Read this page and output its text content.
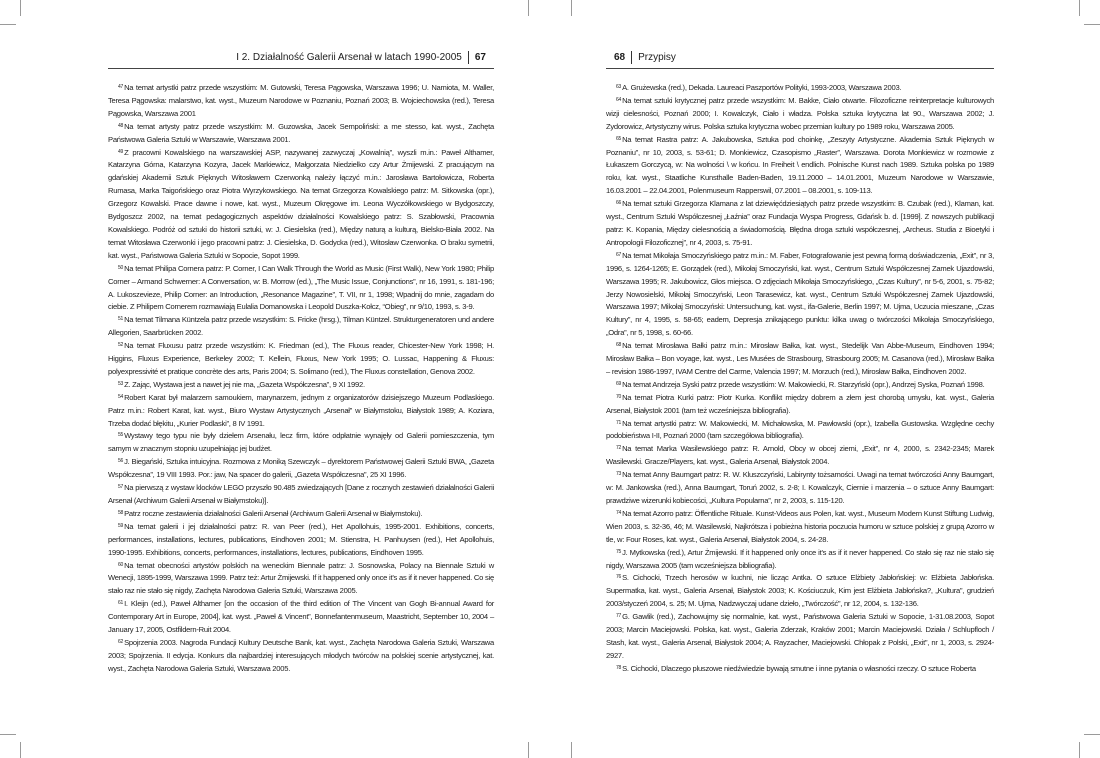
I 2. Działalność Galerii Arsenał w latach 1990-2005 67

$^{47}$Na temat artystki patrz przede wszystkim: M. Gutowski, Teresa Pągowska, Warszawa 1996; U. Namiota, M. Waller, Teresa Pągowska: malarstwo, kat. wyst., Muzeum Narodowe w Poznaniu, Poznań 2003; B. Wojciechowska (red.), Teresa Pągowska, Warszawa 2001

$^{48}$Na temat artysty patrz przede wszystkim: M. Guzowska, Jacek Sempoliński: a me stesso, kat. wyst., Zachęta Państwowa Galeria Sztuki w Warszawie, Warszawa 2001.

$^{49}$Z pracowni Kowalskiego na warszawskiej ASP, nazywanej zazwyczaj „Kowalnią”, wyszli m.in.: Paweł Althamer, Katarzyna Górna, Katarzyna Kozyra, Jacek Markiewicz, Małgorzata Niedzielko czy Artur Żmijewski. Z pracującym na gdańskiej Akademii Sztuk Pięknych Witosławem Czerwonką należy łączyć m.in.: Jarosława Bartołowicza, Roberta Rumasa, Marka Taigońskiego oraz Piotra Wyrzykowskiego. Na temat Grzegorza Kowalskiego patrz: M. Sitkowska (opr.), Grzegorz Kowalski. Prace dawne i nowe, kat. wyst., Muzeum Okręgowe im. Leona Wyczółkowskiego w Bydgoszczy, Bydgoszcz 2002, na temat pedagogicznych aspektów działalności Kowalskiego patrz: S. Szabłowski, Pracownia Kowalskiego. Podróż od sztuki do historii sztuki, w: J. Ciesielska (red.), Między naturą a kulturą, Bielsko-Biała 2002. Na temat Witosława Czerwonki i jego pracowni patrz: J. Ciesielska, D. Godycka (red.), Witosław Czerwonka. O braku symetrii, kat. wyst., Państwowa Galeria Sztuki w Sopocie, Sopot 1999.

$^{50}$Na temat Philipa Cornera patrz: P. Corner, I Can Walk Through the World as Music (First Walk), New York 1980; Philip Corner – Armand Schwerner: A Conversation, w: B. Morrow (ed.), „The Music Issue, Conjunctions”, nr 16, 1991, s. 181-196; A. Lukoszevieze, Philip Corner: an Introduction, „Resonance Magazine”, T. VII, nr 1, 1998; Wpadnij do mnie, zagadam do ciebie. Z Philipem Cornerem rozmawiają Eulalia Domanowska i Leopold Duszka-Kołcz, “Obieg”, nr 9/10, 1993, s. 3-9.

$^{51}$Na temat Tilmana Küntzela patrz przede wszystkim: S. Fricke (hrsg.), Tilman Küntzel. Strukturgeneratoren und andere Allegorien, Saarbrücken 2002.

$^{52}$Na temat Fluxusu patrz przede wszystkim: K. Friedman (ed.), The Fluxus reader, Chicester-New York 1998; H. Higgins, Fluxus Experience, Berkeley 2002; T. Kellein, Fluxus, New York 1995; O. Lussac, Happening & Fluxus: polyexpressivité et pratique concrète des arts, Paris 2004; S. Solimano (red.), The Fluxus constellation, Genova 2002.

$^{53}$Z. Zając, Wystawa jest a nawet jej nie ma, „Gazeta Współczesna”, 9 XI 1992.

$^{54}$Robert Karat był malarzem samoukiem, marynarzem, jednym z organizatorów dzisiejszego Muzeum Podlaskiego. Patrz m.in.: Robert Karat, kat. wyst., Biuro Wystaw Artystycznych „Arsenał” w Białymstoku, Białystok 1989; A. Koziara, Trzeba dodać błękitu, „Kurier Podlaski”, 8 IV 1991.

$^{55}$Wystawy tego typu nie były dziełem Arsenału, lecz firm, które odpłatnie wynajęły od Galerii pomieszczenia, tym samym w znacznym stopniu uzupełniając jej budżet.

$^{56}$J. Biegański, Sztuka intuicyjna. Rozmowa z Moniką Szewczyk – dyrektorem Państwowej Galerii Sztuki BWA, „Gazeta Współczesna”, 19 VIII 1993. Por.: jaw, Na spacer do galerii, „Gazeta Współczesna”, 25 XI 1996.

$^{57}$Na pierwszą z wystaw klocków LEGO przyszło 90.485 zwiedzających [Dane z rocznych zestawień działalności Galerii Arsenał (Archiwum Galerii Arsenał w Białymstoku)].

$^{58}$Patrz roczne zestawienia działalności Galerii Arsenał (Archiwum Galerii Arsenał w Białymstoku).

$^{59}$Na temat galerii i jej działalności patrz: R. van Peer (red.), Het Apollohuis, 1995-2001. Exhibitions, concerts, performances, installations, lectures, publications, Eindhoven 2001; M. Stienstra, H. Panhuysen (red.), Het Apollohuis, 1990-1995. Exhibitions, concerts, performances, installations, lectures, publications, Eindhoven 1995.

$^{60}$Na temat obecności artystów polskich na weneckim Biennale patrz: J. Sosnowska, Polacy na Biennale Sztuki w Wenecji, 1895-1999, Warszawa 1999. Patrz też: Artur Żmijewski. If it happened only once it's as if it never happened. Co się stało raz nie stało się nigdy, Zachęta Narodowa Galeria Sztuki, Warszawa 2005.

$^{61}$I. Kleijn (ed.), Paweł Althamer [on the occasion of the third edition of The Vincent van Gogh Bi-annual Award for Contemporary Art in Europe, 2004], kat. wyst. „Paweł & Vincent”, Bonnefantenmuseum, Maastricht, September 10, 2004 – January 17, 2005, Ostfildern-Ruit 2004.

$^{62}$Spojrzenia 2003. Nagroda Fundacji Kultury Deutsche Bank, kat. wyst., Zachęta Narodowa Galeria Sztuki, Warszawa 2003; Spojrzenia. II edycja. Konkurs dla najbardziej interesujących młodych twórców na polskiej scenie artystycznej, kat. wyst., Zachęta Narodowa Galeria Sztuki, Warszawa 2005.

68 Przypisy

$^{63}$A. Grużewska (red.), Dekada. Laureaci Paszportów Polityki, 1993-2003, Warszawa 2003.

$^{64}$Na temat sztuki krytycznej patrz przede wszystkim: M. Bakke, Ciało otwarte. Filozoficzne reinterpretacje kulturowych wizji cielesności, Poznań 2000; I. Kowalczyk, Ciało i władza. Polska sztuka krytyczna lat 90., Warszawa 2002; J. Zydorowicz, Artystyczny wirus. Polska sztuka krytyczna wobec przemian kultury po 1989 roku, Warszawa 2005.

$^{65}$Na temat Rastra patrz: A. Jakubowska, Sztuka pod choinkę, „Zeszyty Artystyczne. Akademia Sztuk Pięknych w Poznaniu”, nr 10, 2003, s. 53-61; D. Monkiewicz, Czasopismo „Raster”, Warszawa. Dorota Monkiewicz w rozmowie z Łukaszem Gorczycą, w: Na wolności \ w końcu. In Freiheit \ endlich. Polnische Kunst nach 1989. Sztuka polska po 1989 roku, kat. wyst., Staatliche Kunsthalle Baden-Baden, 19.11.2000 – 14.01.2001, Muzeum Narodowe w Warszawie, 16.03.2001 – 22.04.2001, Polenmuseum Rapperswil, 07.2001 – 08.2001, s. 109-113.

$^{66}$Na temat sztuki Grzegorza Klamana z lat dziewięćdziesiątych patrz przede wszystkim: B. Czubak (red.), Klaman, kat. wyst., Centrum Sztuki Współczesnej „Łaźnia” oraz Fundacja Wyspa Progress, Gdańsk b. d. [1999]. Z nowszych publikacji patrz: K. Kopania, Między cielesnością a świadomością. Błędna droga sztuki współczesnej, „Archeus. Studia z Bioetyki i Antropologii Filozoficznej”, nr 4, 2003, s. 75-91.

$^{67}$Na temat Mikołaja Smoczyńskiego patrz m.in.: M. Faber, Fotografowanie jest pewną formą doświadczenia, „Exit”, nr 3, 1996, s. 1264-1265; E. Gorządek (red.), Mikołaj Smoczyński, kat. wyst., Centrum Sztuki Współczesnej Zamek Ujazdowski, Warszawa 1995; R. Jakubowicz, Głos miejsca. O zdjęciach Mikołaja Smoczyńskiego, „Czas Kultury”, nr 5-6, 2001, s. 75-82; Jerzy Nowosielski, Mikołaj Smoczyński, Leon Tarasewicz, kat. wyst., Centrum Sztuki Współczesnej Zamek Ujazdowski, Warszawa 1997; Mikołaj Smoczyński: Untersuchung, kat. wyst., ifa-Galerie, Berlin 1997; M. Ujma, Uczucia mieszane, „Czas Kultury”, nr 4, 1995, s. 58-65; eadem, Depresja znikającego punktu: kilka uwag o twórczości Mikołaja Smoczyńskiego, „Odra”, nr 5, 1998, s. 60-66.

$^{68}$Na temat Mirosława Bałki patrz m.in.: Mirosław Bałka, kat. wyst., Stedelijk Van Abbe-Museum, Eindhoven 1994; Mirosław Bałka – Bon voyage, kat. wyst., Les Musées de Strasbourg, Strasbourg 2005; M. Casanova (red.), Mirosław Bałka – revision 1986-1997, IVAM Centre del Carme, Valencia 1997; M. Morzuch (red.), Mirosław Bałka, Eindhoven 2002.

$^{69}$Na temat Andrzeja Syski patrz przede wszystkim: W. Makowiecki, R. Starzyński (opr.), Andrzej Syska, Poznań 1998.

$^{70}$Na temat Piotra Kurki patrz: Piotr Kurka. Konflikt między dobrem a złem jest chorobą umysłu, kat. wyst., Galeria Arsenał, Białystok 2001 (tam też wcześniejsza bibliografia).

$^{71}$Na temat artystki patrz: W. Makowiecki, M. Michałowska, M. Pawłowski (opr.), Izabella Gustowska. Względne cechy podobieństwa I-II, Poznań 2000 (tam szczegółowa bibliografia).

$^{72}$Na temat Marka Wasilewskiego patrz: R. Arnold, Obcy w obcej ziemi, „Exit”, nr 4, 2000, s. 2342-2345; Marek Wasilewski. Gracze/Players, kat. wyst., Galeria Arsenał, Białystok 2004.

$^{73}$Na temat Anny Baumgart patrz: R. W. Kluszczyński, Labirynty tożsamości. Uwagi na temat twórczości Anny Baumgart, w: M. Jankowska (red.), Anna Baumgart, Toruń 2002, s. 2-8; I. Kowalczyk, Ciernie i marzenia – o sztuce Anny Baumgart: prawdziwe wizerunki kobiecości, „Kultura Popularna”, nr 2, 2003, s. 115-120.

$^{74}$Na temat Azorro patrz: Öffentliche Rituale. Kunst-Videos aus Polen, kat. wyst., Museum Modern Kunst Stiftung Ludwig, Wien 2003, s. 32-36, 46; M. Wasilewski, Najkrótsza i pobieżna historia poczucia humoru w sztuce polskiej z grupą Azorro w tle, w: Four Roses, kat. wyst., Galeria Arsenał, Białystok 2004, s. 24-28.

$^{75}$J. Mytkowska (red.), Artur Żmijewski. If it happened only once it's as if it never happened. Co stało się raz nie stało się nigdy, Warszawa 2005 (tam wcześniejsza bibliografia).

$^{76}$S. Cichocki, Trzech herosów w kuchni, nie licząc Antka. O sztuce Elżbiety Jabłońskiej: w: Elżbieta Jabłońska. Supermatka, kat. wyst., Galeria Arsenał, Białystok 2003; K. Kościuczuk, Kim jest Elżbieta Jabłońska?, „Kultura”, grudzień 2003/styczeń 2004, s. 25; M. Ujma, Nadzwyczaj udane dzieło, „Twórczość”, nr 12, 2004, s. 132-136.

$^{77}$G. Gawlik (red.), Zachowujmy się normalnie, kat. wyst., Państwowa Galeria Sztuki w Sopocie, 1-31.08.2003, Sopot 2003; Marcin Maciejowski. Polska, kat. wyst., Galeria Zderzak, Kraków 2001; Marcin Maciejowski. Działa / Schlupfloch / Stash, kat. wyst., Galeria Arsenał, Białystok 2004; A. Rayzacher, Maciejowski. Chłopak z Polski, „Exit”, nr 1, 2003, s. 2924-2927.

$^{78}$S. Cichocki, Dlaczego pluszowe niedźwiedzie bywają smutne i inne pytania o własności rzeczy. O sztuce Roberta
